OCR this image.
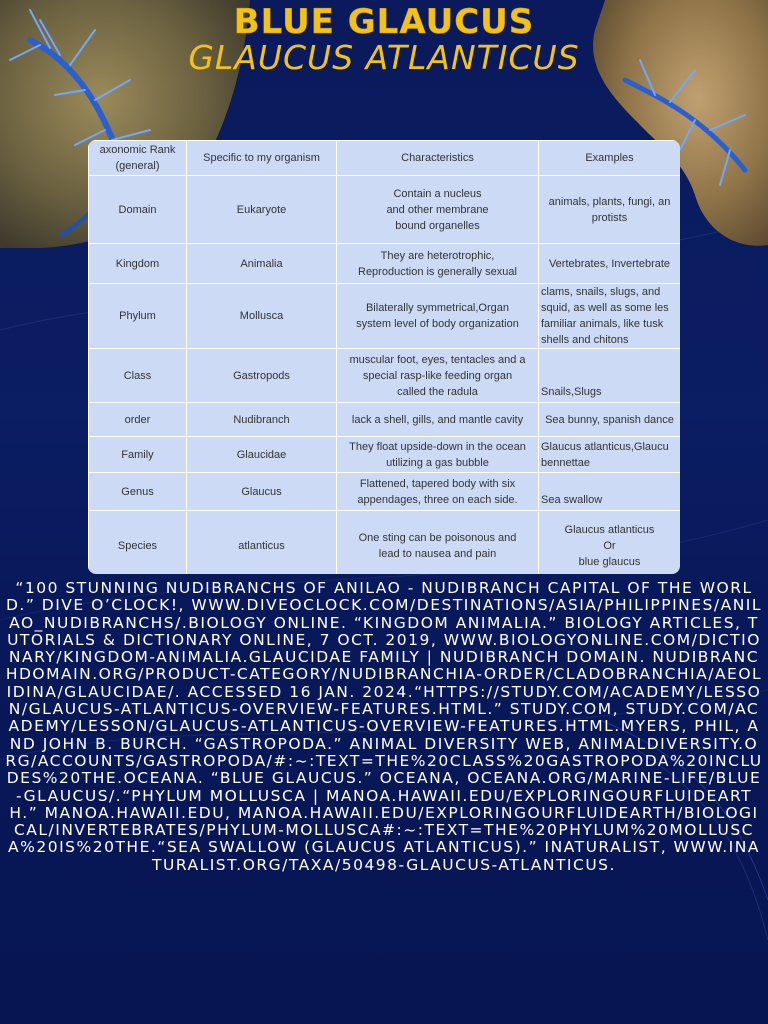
BLUE GLAUCUS
GLAUCUS ATLANTICUS
axonomic Rank
(general)	Specific to my organism	Characteristics	Examples
Domain	Eukaryote	Contain a nucleus
and other membrane
bound organelles	animals, plants, fungi, an
protists
Kingdom	Animalia	They are heterotrophic,
Reproduction is generally sexual	Vertebrates, Invertebrate
Phylum	Mollusca	Bilaterally symmetrical,Organ
system level of body organization	clams, snails, slugs, and
squid, as well as some les
familiar animals, like tusk
shells and chitons
Class	Gastropods	muscular foot, eyes, tentacles and a
special rasp-like feeding organ
called the radula	Snails,Slugs
order	Nudibranch	lack a shell, gills, and mantle cavity	Sea bunny, spanish dance
Family	Glaucidae	They float upside-down in the ocean
utilizing a gas bubble	Glaucus atlanticus,Glaucu
bennettae
Genus	Glaucus	Flattened, tapered body with six
appendages, three on each side.	Sea swallow
Species	atlanticus	One sting can be poisonous and
lead to nausea and pain	Glaucus atlanticus
Or
blue glaucus
“100 STUNNING NUDIBRANCHS OF ANILAO - NUDIBRANCH CAPITAL OF THE WORLD.” DIVE O’CLOCK!, WWW.DIVEOCLOCK.COM/DESTINATIONS/ASIA/PHILIPPINES/ANILAO_NUDIBRANCHS/.BIOLOGY ONLINE. “KINGDOM ANIMALIA.” BIOLOGY ARTICLES, TUTORIALS & DICTIONARY ONLINE, 7 OCT. 2019, WWW.BIOLOGYONLINE.COM/DICTIONARY/KINGDOM-ANIMALIA.GLAUCIDAE FAMILY | NUDIBRANCH DOMAIN. NUDIBRANCHDOMAIN.ORG/PRODUCT-CATEGORY/NUDIBRANCHIA-ORDER/CLADOBRANCHIA/AEOLIDINA/GLAUCIDAE/. ACCESSED 16 JAN. 2024.“HTTPS://STUDY.COM/ACADEMY/LESSON/GLAUCUS-ATLANTICUS-OVERVIEW-FEATURES.HTML.” STUDY.COM, STUDY.COM/ACADEMY/LESSON/GLAUCUS-ATLANTICUS-OVERVIEW-FEATURES.HTML.MYERS, PHIL, AND JOHN B. BURCH. “GASTROPODA.” ANIMAL DIVERSITY WEB, ANIMALDIVERSITY.ORG/ACCOUNTS/GASTROPODA/#:~:TEXT=THE%20CLASS%20GASTROPODA%20INCLUDES%20THE.OCEANA. “BLUE GLAUCUS.” OCEANA, OCEANA.ORG/MARINE-LIFE/BLUE-GLAUCUS/.“PHYLUM MOLLUSCA | MANOA.HAWAII.EDU/EXPLORINGOURFLUIDEARTH.” MANOA.HAWAII.EDU, MANOA.HAWAII.EDU/EXPLORINGOURFLUIDEARTH/BIOLOGICAL/INVERTEBRATES/PHYLUM-MOLLUSCA#:~:TEXT=THE%20PHYLUM%20MOLLUSCA%20IS%20THE.“SEA SWALLOW (GLAUCUS ATLANTICUS).” INATURALIST, WWW.INATURALIST.ORG/TAXA/50498-GLAUCUS-ATLANTICUS.
